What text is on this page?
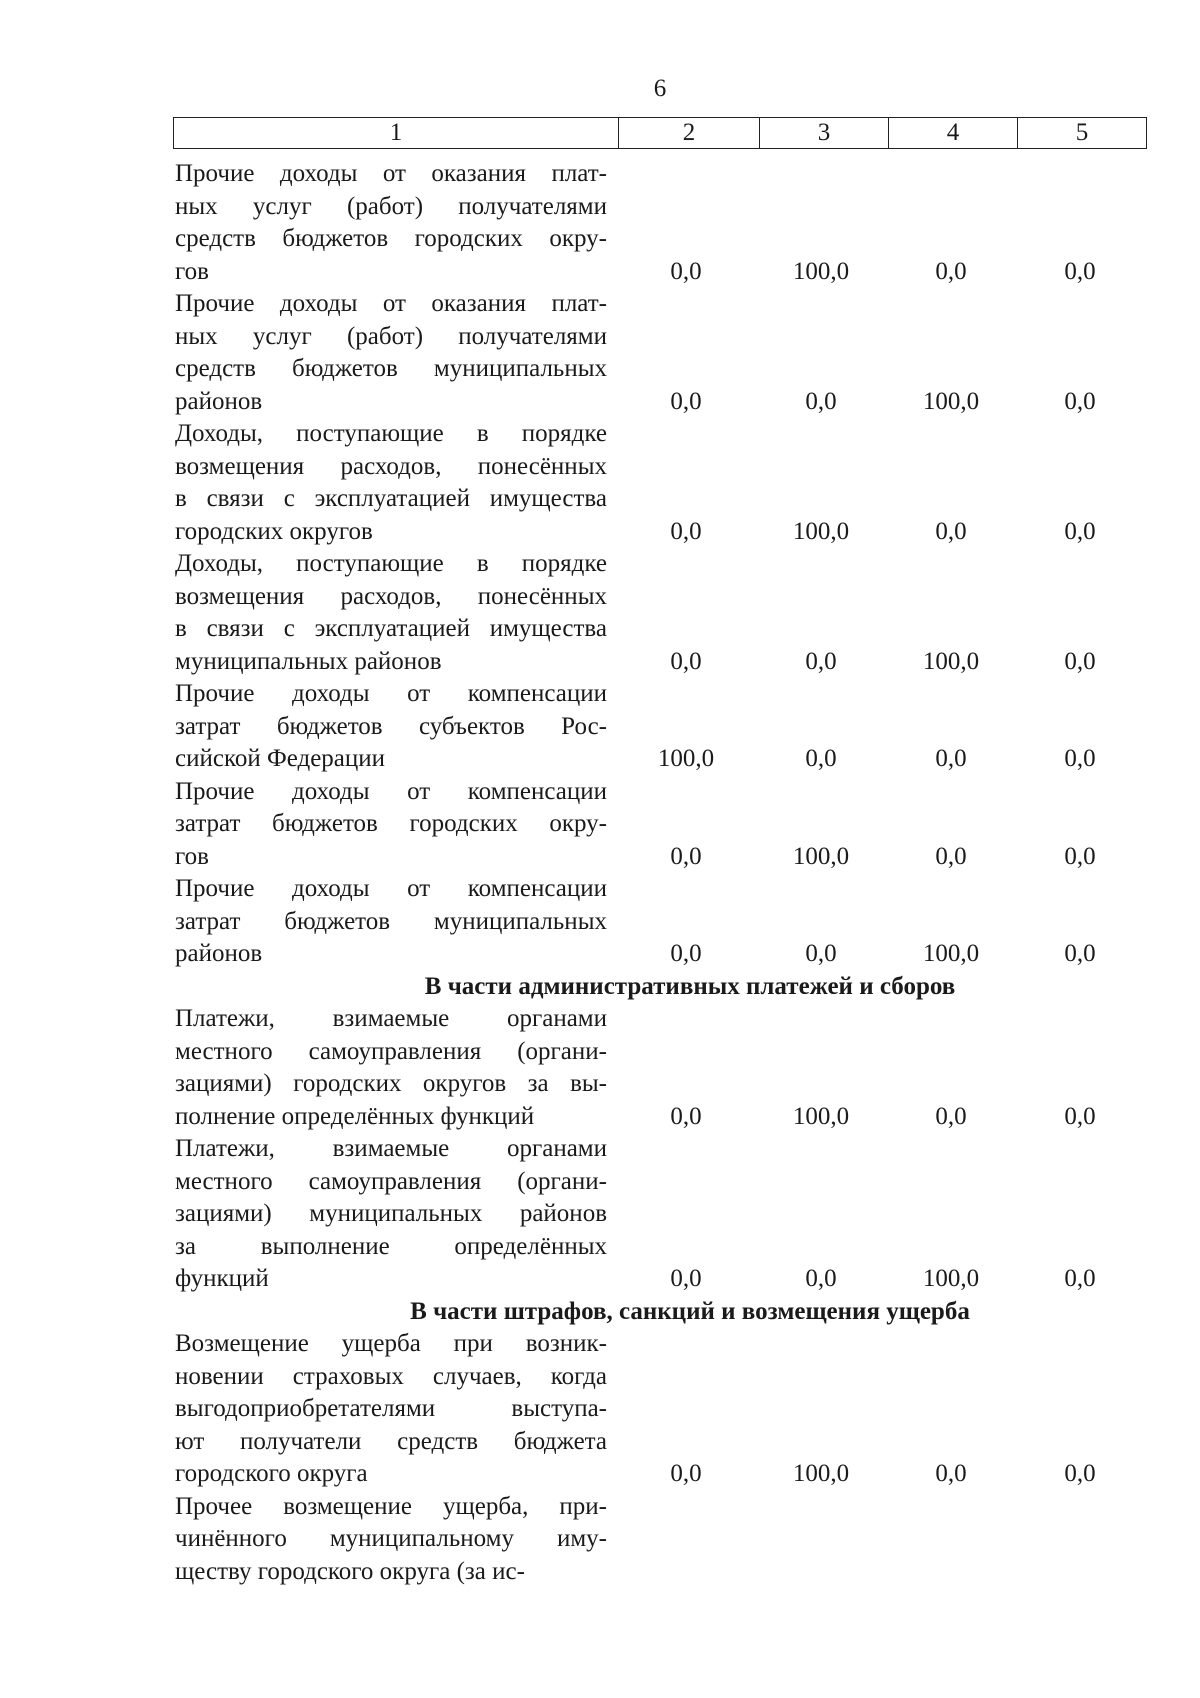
6
1	2	3	4	5
Прочие доходы от оказания плат-
ных услуг (работ) получателями
средств бюджетов городских окру-
гов	0,0	100,0	0,0	0,0
Прочие доходы от оказания плат-
ных услуг (работ) получателями
средств бюджетов муниципальных
районов	0,0	0,0	100,0	0,0
Доходы, поступающие в порядке
возмещения расходов, понесённых
в связи с эксплуатацией имущества
городских округов	0,0	100,0	0,0	0,0
Доходы, поступающие в порядке
возмещения расходов, понесённых
в связи с эксплуатацией имущества
муниципальных районов	0,0	0,0	100,0	0,0
Прочие доходы от компенсации
затрат бюджетов субъектов Рос-
сийской Федерации	100,0	0,0	0,0	0,0
Прочие доходы от компенсации
затрат бюджетов городских окру-
гов	0,0	100,0	0,0	0,0
Прочие доходы от компенсации
затрат бюджетов муниципальных
районов	0,0	0,0	100,0	0,0
В части административных платежей и сборов
Платежи, взимаемые органами
местного самоуправления (органи-
зациями) городских округов за вы-
полнение определённых функций	0,0	100,0	0,0	0,0
Платежи, взимаемые органами
местного самоуправления (органи-
зациями) муниципальных районов
за выполнение определённых
функций	0,0	0,0	100,0	0,0
В части штрафов, санкций и возмещения ущерба
Возмещение ущерба при возник-
новении страховых случаев, когда
выгодоприобретателями выступа-
ют получатели средств бюджета
городского округа	0,0	100,0	0,0	0,0
Прочее возмещение ущерба, при-
чинённого муниципальному иму-
ществу городского округа (за ис-
